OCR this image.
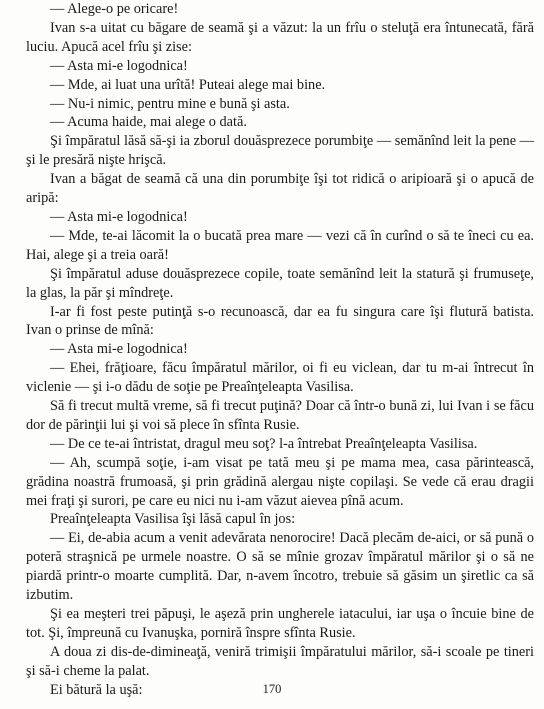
— Alege-o pe oricare!

Ivan s-a uitat cu băgare de seamă şi a văzut: la un frîu o steluţă era întunecată, fără luciu. Apucă acel frîu şi zise:

— Asta mi-e logodnica!

— Mde, ai luat una urîtă! Puteai alege mai bine.

— Nu-i nimic, pentru mine e bună şi asta.

— Acuma haide, mai alege o dată.

Şi împăratul lăsă să-şi ia zborul douăsprezece porumbiţe — semănînd leit la pene — şi le presără nişte hrişcă.

Ivan a băgat de seamă că una din porumbiţe îşi tot ridică o aripioară şi o apucă de aripă:

— Asta mi-e logodnica!

— Mde, te-ai lăcomit la o bucată prea mare — vezi că în curînd o să te îneci cu ea. Hai, alege şi a treia oară!

Şi împăratul aduse douăsprezece copile, toate semănînd leit la statură şi frumuseţe, la glas, la păr şi mîndreţe.

I-ar fi fost peste putinţă s-o recunoască, dar ea fu singura care îşi flutură batista. Ivan o prinse de mînă:

— Asta mi-e logodnica!

— Ehei, frăţioare, făcu împăratul mărilor, oi fi eu viclean, dar tu m-ai întrecut în viclenie — şi i-o dădu de soţie pe Preaînţeleapta Vasilisa.

Să fi trecut multă vreme, să fi trecut puţină? Doar că într-o bună zi, lui Ivan i se făcu dor de părinţii lui şi voi să plece în sfînta Rusie.

— De ce te-ai întristat, dragul meu soţ? l-a întrebat Preaînţeleapta Vasilisa.

— Ah, scumpă soţie, i-am visat pe tată meu şi pe mama mea, casa părintească, grădina noastră frumoasă, şi prin grădină alergau nişte copilaşi. Se vede că erau dragii mei fraţi şi surori, pe care eu nici nu i-am văzut aievea pînă acum.

Preaînţeleapta Vasilisa îşi lăsă capul în jos:

— Ei, de-abia acum a venit adevărata nenorocire! Dacă plecăm de-aici, or să pună o poteră straşnică pe urmele noastre. O să se mînie grozav împăratul mărilor şi o să ne piardă printr-o moarte cumplită. Dar, n-avem încotro, trebuie să găsim un şiretlic ca să izbutim.

Şi ea meşteri trei păpuşi, le aşeză prin ungherele iatacului, iar uşa o încuie bine de tot. Şi, împreună cu Ivanuşka, porniră înspre sfînta Rusie.

A doua zi dis-de-dimineaţă, veniră trimişii împăratului mărilor, să-i scoale pe tineri şi să-i cheme la palat.

Ei bătură la uşă:	170
